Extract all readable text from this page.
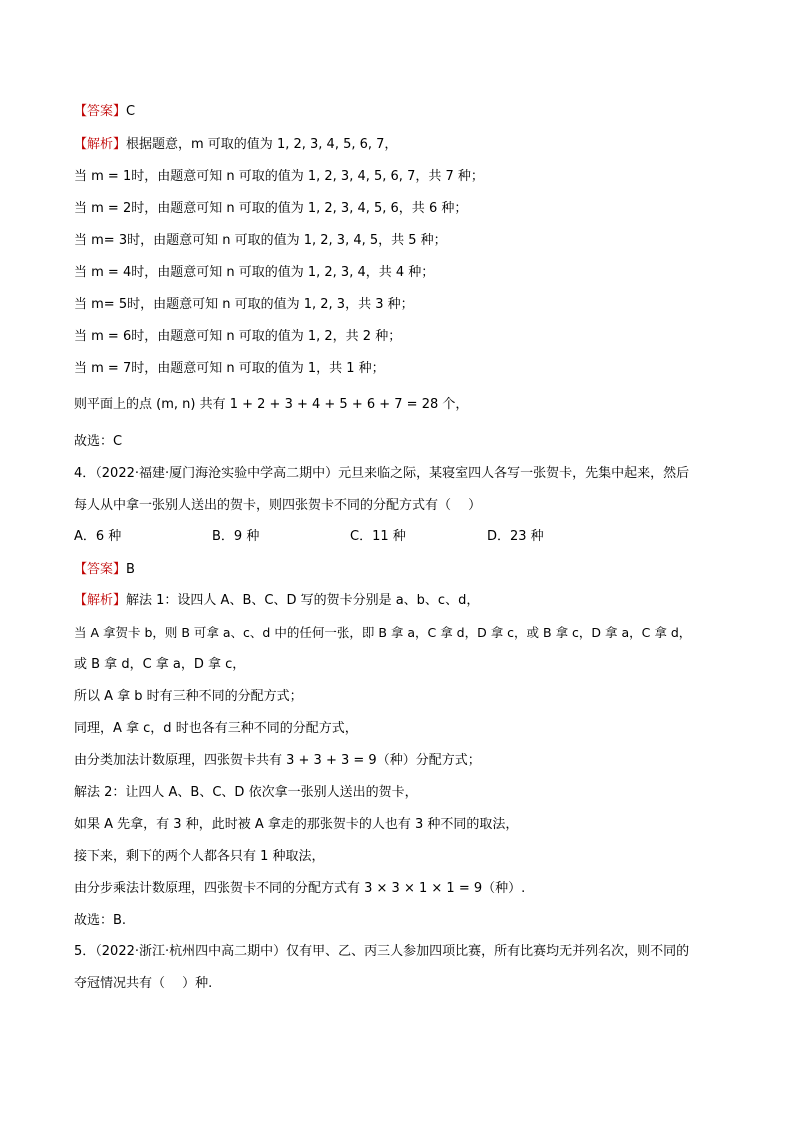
【答案】C
【解析】根据题意，m 可取的值为 1, 2, 3, 4, 5, 6, 7，
当 m = 1时，由题意可知 n 可取的值为 1, 2, 3, 4, 5, 6, 7，共 7 种；
当 m = 2时，由题意可知 n 可取的值为 1, 2, 3, 4, 5, 6，共 6 种；
当 m= 3时，由题意可知 n 可取的值为 1, 2, 3, 4, 5，共 5 种；
当 m = 4时，由题意可知 n 可取的值为 1, 2, 3, 4，共 4 种；
当 m= 5时，由题意可知 n 可取的值为 1, 2, 3，共 3 种；
当 m = 6时，由题意可知 n 可取的值为 1, 2，共 2 种；
当 m = 7时，由题意可知 n 可取的值为 1，共 1 种；
则平面上的点 (m, n) 共有 1 + 2 + 3 + 4 + 5 + 6 + 7 = 28 个，
故选：C
4．（2022·福建·厦门海沧实验中学高二期中）元旦来临之际，某寝室四人各写一张贺卡，先集中起来，然后
每人从中拿一张别人送出的贺卡，则四张贺卡不同的分配方式有（　 ）
A．6 种	B．9 种	C．11 种	D．23 种
【答案】B
【解析】解法 1：设四人 A、B、C、D 写的贺卡分别是 a、b、c、d，
当 A 拿贺卡 b，则 B 可拿 a、c、d 中的任何一张，即 B 拿 a，C 拿 d，D 拿 c，或 B 拿 c，D 拿 a，C 拿 d，
或 B 拿 d，C 拿 a，D 拿 c，
所以 A 拿 b 时有三种不同的分配方式；
同理，A 拿 c，d 时也各有三种不同的分配方式，
由分类加法计数原理，四张贺卡共有 3 + 3 + 3 = 9（种）分配方式；
解法 2：让四人 A、B、C、D 依次拿一张别人送出的贺卡，
如果 A 先拿，有 3 种，此时被 A 拿走的那张贺卡的人也有 3 种不同的取法，
接下来，剩下的两个人都各只有 1 种取法，
由分步乘法计数原理，四张贺卡不同的分配方式有 3 × 3 × 1 × 1 = 9（种）.
故选：B.
5．（2022·浙江·杭州四中高二期中）仅有甲、乙、丙三人参加四项比赛，所有比赛均无并列名次，则不同的
夺冠情况共有（　 ）种.
